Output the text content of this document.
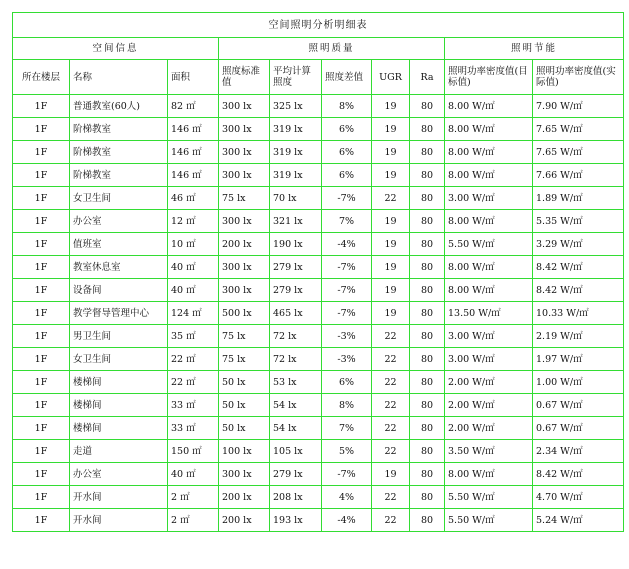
空间照明分析明细表									
空间信息			照明质量					照明节能	
所在楼层	名称	面积	照度标准值	平均计算照度	照度差值	UGR	Ra	照明功率密度值(目标值)	照明功率密度值(实际值)
1F	普通教室(60人)	82 ㎡	300 lx	325 lx	8%	19	80	8.00 W/㎡	7.90 W/㎡
1F	阶梯教室	146 ㎡	300 lx	319 lx	6%	19	80	8.00 W/㎡	7.65 W/㎡
1F	阶梯教室	146 ㎡	300 lx	319 lx	6%	19	80	8.00 W/㎡	7.65 W/㎡
1F	阶梯教室	146 ㎡	300 lx	319 lx	6%	19	80	8.00 W/㎡	7.66 W/㎡
1F	女卫生间	46 ㎡	75 lx	70 lx	-7%	22	80	3.00 W/㎡	1.89 W/㎡
1F	办公室	12 ㎡	300 lx	321 lx	7%	19	80	8.00 W/㎡	5.35 W/㎡
1F	值班室	10 ㎡	200 lx	190 lx	-4%	19	80	5.50 W/㎡	3.29 W/㎡
1F	教室休息室	40 ㎡	300 lx	279 lx	-7%	19	80	8.00 W/㎡	8.42 W/㎡
1F	设备间	40 ㎡	300 lx	279 lx	-7%	19	80	8.00 W/㎡	8.42 W/㎡
1F	教学督导管理中心	124 ㎡	500 lx	465 lx	-7%	19	80	13.50 W/㎡	10.33 W/㎡
1F	男卫生间	35 ㎡	75 lx	72 lx	-3%	22	80	3.00 W/㎡	2.19 W/㎡
1F	女卫生间	22 ㎡	75 lx	72 lx	-3%	22	80	3.00 W/㎡	1.97 W/㎡
1F	楼梯间	22 ㎡	50 lx	53 lx	6%	22	80	2.00 W/㎡	1.00 W/㎡
1F	楼梯间	33 ㎡	50 lx	54 lx	8%	22	80	2.00 W/㎡	0.67 W/㎡
1F	楼梯间	33 ㎡	50 lx	54 lx	7%	22	80	2.00 W/㎡	0.67 W/㎡
1F	走道	150 ㎡	100 lx	105 lx	5%	22	80	3.50 W/㎡	2.34 W/㎡
1F	办公室	40 ㎡	300 lx	279 lx	-7%	19	80	8.00 W/㎡	8.42 W/㎡
1F	开水间	2 ㎡	200 lx	208 lx	4%	22	80	5.50 W/㎡	4.70 W/㎡
1F	开水间	2 ㎡	200 lx	193 lx	-4%	22	80	5.50 W/㎡	5.24 W/㎡
